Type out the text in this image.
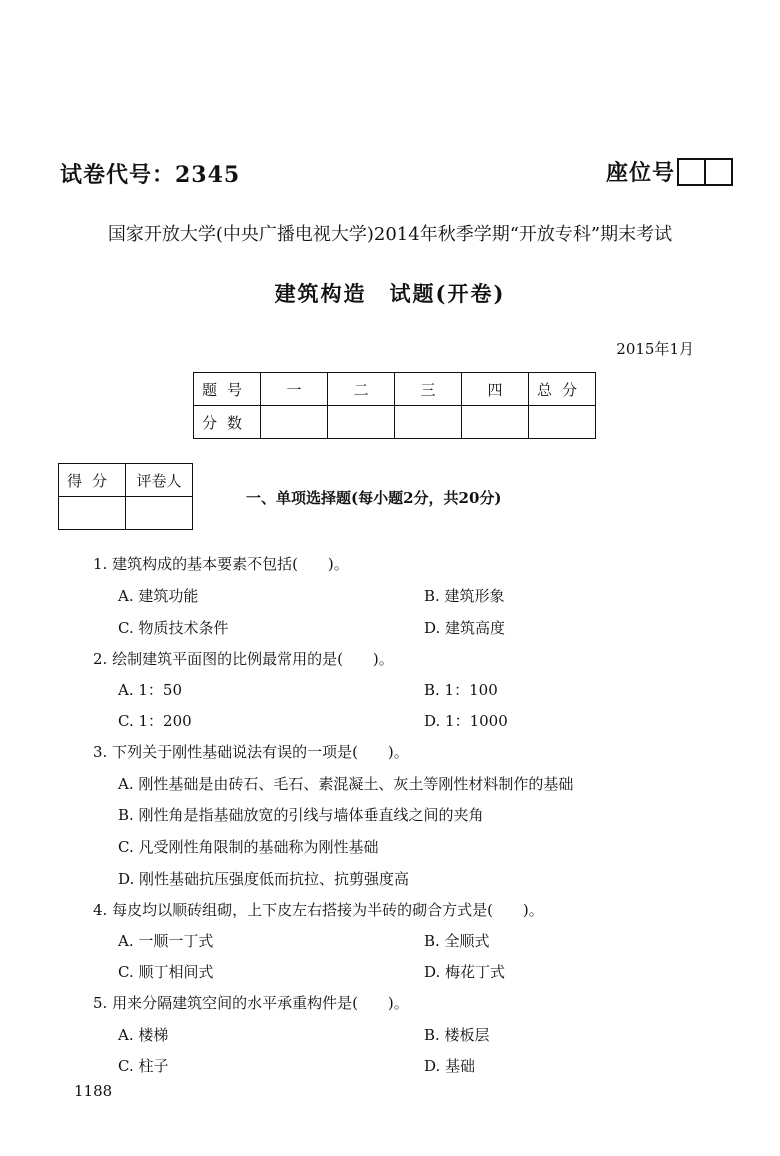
试卷代号：2345	座位号
国家开放大学(中央广播电视大学)2014年秋季学期“开放专科”期末考试
建筑构造　试题(开卷)
2015年1月
题号	一	二	三	四	总分
分数					
得分	评卷人

一、单项选择题(每小题2分，共20分)
1. 建筑构成的基本要素不包括(　　)。
A. 建筑功能	B. 建筑形象
C. 物质技术条件	D. 建筑高度
2. 绘制建筑平面图的比例最常用的是(　　)。
A. 1：50	B. 1：100
C. 1：200	D. 1：1000
3. 下列关于刚性基础说法有误的一项是(　　)。
A. 刚性基础是由砖石、毛石、素混凝土、灰土等刚性材料制作的基础
B. 刚性角是指基础放宽的引线与墙体垂直线之间的夹角
C. 凡受刚性角限制的基础称为刚性基础
D. 刚性基础抗压强度低而抗拉、抗剪强度高
4. 每皮均以顺砖组砌，上下皮左右搭接为半砖的砌合方式是(　　)。
A. 一顺一丁式	B. 全顺式
C. 顺丁相间式	D. 梅花丁式
5. 用来分隔建筑空间的水平承重构件是(　　)。
A. 楼梯	B. 楼板层
C. 柱子	D. 基础
1188
